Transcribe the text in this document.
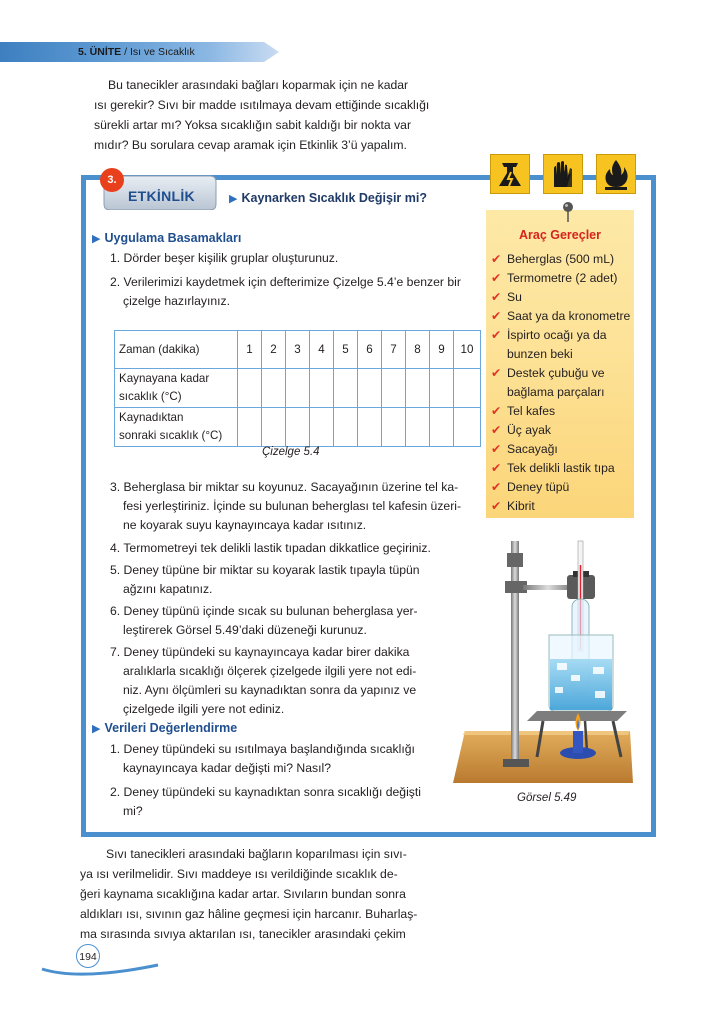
5. ÜNİTE / Isı ve Sıcaklık
Bu tanecikler arasındaki bağları koparmak için ne kadar
ısı gerekir? Sıvı bir madde ısıtılmaya devam ettiğinde sıcaklığı
sürekli artar mı? Yoksa sıcaklığın sabit kaldığı bir nokta var
mıdır? Bu sorulara cevap aramak için Etkinlik 3’ü yapalım.
Araç Gereçler
✔ Beherglas (500 mL)
✔ Termometre (2 adet)
✔ Su
✔ Saat ya da kronometre
✔ İspirto ocağı ya da
bunzen beki
✔ Destek çubuğu ve
bağlama parçaları
✔ Tel kafes
✔ Üç ayak
✔ Sacayağı
✔ Tek delikli lastik tıpa
✔ Deney tüpü
✔ Kibrit
3.
ETKİNLİK	▶ Kaynarken Sıcaklık Değişir mi?
▶ Uygulama Basamakları
1. Dörder beşer kişilik gruplar oluşturunuz.
2. Verilerimizi kaydetmek için defterimize Çizelge 5.4’e benzer bir
çizelge hazırlayınız.
Zaman (dakika)	1	2	3	4	5	6	7	8	9	10

Kaynayana kadar
sıcaklık (°C)										

Kaynadıktan
sonraki sıcaklık (°C)										

Çizelge 5.4
3. Beherglasa bir miktar su koyunuz. Sacayağının üzerine tel ka-
fesi yerleştiriniz. İçinde su bulunan beherglası tel kafesin üzeri-
ne koyarak suyu kaynayıncaya kadar ısıtınız.
4. Termometreyi tek delikli lastik tıpadan dikkatlice geçiriniz.
5. Deney tüpüne bir miktar su koyarak lastik tıpayla tüpün
ağzını kapatınız.
6. Deney tüpünü içinde sıcak su bulunan beherglasa yer-
leştirerek Görsel 5.49’daki düzeneği kurunuz.
7. Deney tüpündeki su kaynayıncaya kadar birer dakika
aralıklarla sıcaklığı ölçerek çizelgede ilgili yere not edi-
niz. Aynı ölçümleri su kaynadıktan sonra da yapınız ve
çizelgede ilgili yere not ediniz.
▶ Verileri Değerlendirme
1. Deney tüpündeki su ısıtılmaya başlandığında sıcaklığı
kaynayıncaya kadar değişti mi? Nasıl?
2. Deney tüpündeki su kaynadıktan sonra sıcaklığı değişti
mi?
Görsel 5.49
Sıvı tanecikleri arasındaki bağların koparılması için sıvı-
ya ısı verilmelidir. Sıvı maddeye ısı verildiğinde sıcaklık de-
ğeri kaynama sıcaklığına kadar artar. Sıvıların bundan sonra
aldıkları ısı, sıvının gaz hâline geçmesi için harcanır. Buharlaş-
ma sırasında sıvıya aktarılan ısı, tanecikler arasındaki çekim
194
